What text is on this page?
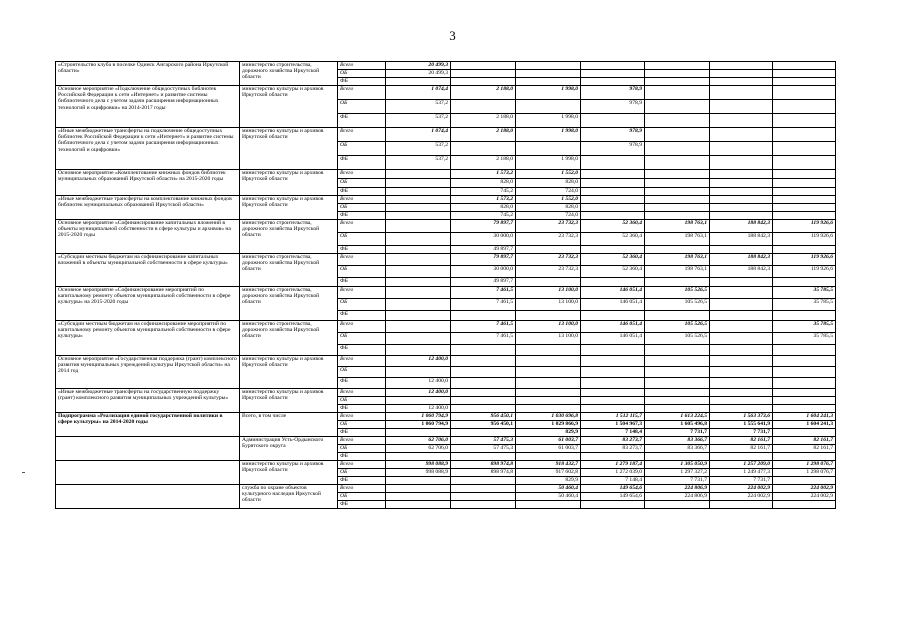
3
«Строительство клуба в поселке Одинск Ангарского района Иркутской области»	министерство строительства, дорожного хозяйства Иркутской области	Всего	20 499,3						
		ОБ	20 499,3						
		ФБ							
Основное мероприятие «Подключение общедоступных библиотек Российской Федерации к сети «Интернет» и развитие системы библиотечного дела с учетом задачи расширения информационных технологий и оцифровки» на 2014-2017 годы	министерство культуры и архивов Иркутской области	Всего	1 074,4	2 188,0	1 998,0	978,9			
		ОБ	537,2			978,9			
		ФБ	537,2	2 188,0	1 998,0				
«Иные межбюджетные трансферты на подключение общедоступных библиотек Российской Федерации к сети «Интернет» и развитие системы библиотечного дела с учетом задачи расширения информационных технологий и оцифровки»	министерство культуры и архивов Иркутской области	Всего	1 074,4	2 188,0	1 998,0	978,9			
		ОБ	537,2			978,9			
		ФБ	537,2	2 188,0	1 998,0				
Основное мероприятие «Комплектование книжных фондов библиотек муниципальных образований Иркутской области» на 2015-2020 годы	министерство культуры и архивов Иркутской области	Всего		1 573,2	1 552,0				
		ОБ		828,0	828,0				
		ФБ		745,2	724,0				
«Иные межбюджетные трансферты на комплектование книжных фондов библиотек муниципальных образований Иркутской области»	министерство культуры и архивов Иркутской области	Всего		1 573,2	1 552,0				
		ОБ		828,0	828,0				
		ФБ		745,2	724,0				
Основное мероприятие «Софинансирование капитальных вложений в объекты муниципальной собственности в сфере культуры и архивов» на 2015-2020 годы	министерство строительства, дорожного хозяйства Иркутской области	Всего		79 897,7	23 732,3	52 360,4	198 763,1	188 842,3	119 926,6
		ОБ		30 000,0	23 732,3	52 360,4	198 763,1	188 842,3	119 926,6
		ФБ		49 897,7					
«Субсидии местным бюджетам на софинансирование капитальных вложений в объекты муниципальной собственности в сфере культуры»	министерство строительства, дорожного хозяйства Иркутской области	Всего		79 897,7	23 732,3	52 360,4	198 763,1	188 842,3	119 926,6
		ОБ		30 000,0	23 732,3	52 360,4	198 763,1	188 842,3	119 926,6
		ФБ		49 897,7					
Основное мероприятие «Софинансирование мероприятий по капитальному ремонту объектов муниципальной собственности в сфере культуры» на 2015-2020 годы	министерство строительства, дорожного хозяйства Иркутской области	Всего		7 461,5	13 100,0	146 051,4	105 526,5		35 785,5
		ОБ		7 461,5	13 100,0	146 051,4	105 526,5		35 785,5
		ФБ							
«Субсидии местным бюджетам на софинансирование мероприятий по капитальному ремонту объектов муниципальной собственности в сфере культуры»	министерство строительства, дорожного хозяйства Иркутской области	Всего		7 461,5	13 100,0	146 051,4	105 526,5		35 785,5
		ОБ		7 461,5	13 100,0	146 051,4	105 526,5		35 785,5
		ФБ							
Основное мероприятие «Государственная поддержка (грант) комплексного развития муниципальных учреждений культуры Иркутской области» на 2014 год	министерство культуры и архивов Иркутской области	Всего	12 400,0						
		ОБ							
		ФБ	12 400,0						
«Иные межбюджетные трансферты на государственную поддержку (грант) комплексного развития муниципальных учреждений культуры»	министерство культуры и архивов Иркутской области	Всего	12 400,0						
		ОБ							
		ФБ	12 400,0						
Подпрограмма «Реализация единой государственной политики в сфере культуры» на 2014-2020 годы	Всего, в том числе	Всего	1 060 794,9	956 450,1	1 030 696,8	1 512 115,7	1 613 224,5	1 563 373,6	1 604 241,3
		ОБ	1 060 794,9	956 450,1	1 029 866,9	1 504 967,3	1 605 496,8	1 555 641,9	1 604 241,3
		ФБ			829,9	7 148,4	7 731,7	7 731,7	
	Администрация Усть-Ордынского Бурятского округа	Всего	62 706,0	57 475,3	61 003,7	83 273,7	83 366,7	82 161,7	82 161,7
		ОБ	62 706,0	57 475,3	61 003,7	83 273,7	83 366,7	82 161,7	82 161,7
		ФБ							
	министерство культуры и архивов Иркутской области	Всего	998 088,9	898 974,8	918 432,7	1 279 187,4	1 305 050,9	1 257 209,0	1 298 076,7
		ОБ	998 088,9	898 974,8	917 602,8	1 272 039,0	1 297 327,2	1 249 477,3	1 298 076,7
		ФБ			829,9	7 148,4	7 731,7	7 731,7	
	служба по охране объектов культурного наследия Иркутской области	Всего			50 460,4	149 654,6	224 806,9	224 002,9	224 002,9
		ОБ			50 460,4	149 654,6	224 806,9	224 002,9	224 002,9
		ФБ							
